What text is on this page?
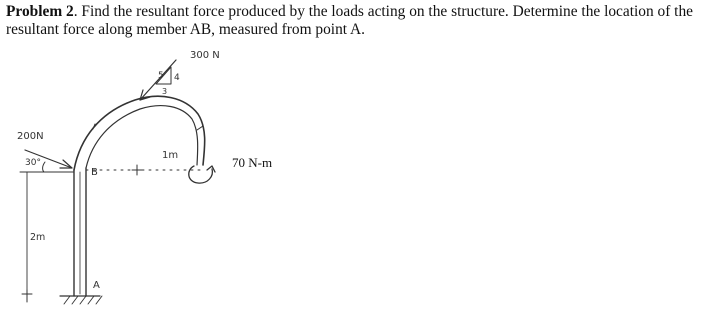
Problem 2. Find the resultant force produced by the loads acting on the structure. Determine the location of the resultant force along member AB, measured from point A.
A
B
1m
2m
200N
30°
300 N
5 4
3
70 N-m
